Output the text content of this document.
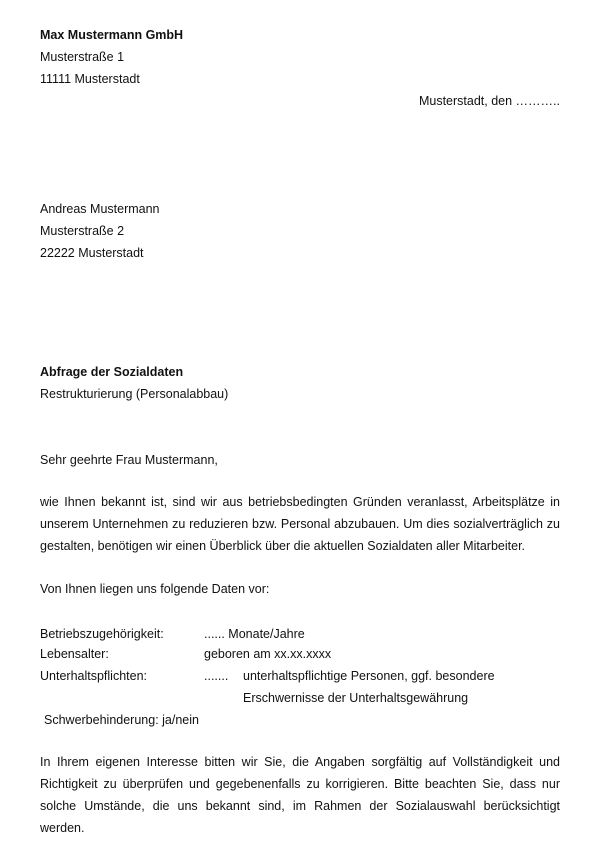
Max Mustermann GmbH
Musterstraße 1
11111 Musterstadt
Musterstadt, den ………..
Andreas Mustermann
Musterstraße 2
22222 Musterstadt
Abfrage der Sozialdaten
Restrukturierung (Personalabbau)
Sehr geehrte Frau Mustermann,
wie Ihnen bekannt ist, sind wir aus betriebsbedingten Gründen veranlasst, Arbeitsplätze in unserem Unternehmen zu reduzieren bzw. Personal abzubauen. Um dies sozialverträglich zu gestalten, benötigen wir einen Überblick über die aktuellen Sozialdaten aller Mitarbeiter.
Von Ihnen liegen uns folgende Daten vor:
Betriebszugehörigkeit:	...... Monate/Jahre
Lebensalter:	geboren am xx.xx.xxxx
Unterhaltspflichten:	....... unterhaltspflichtige Personen, ggf. besondere
Erschwernisse der Unterhaltsgewährung
Schwerbehinderung: ja/nein
In Ihrem eigenen Interesse bitten wir Sie, die Angaben sorgfältig auf Vollständigkeit und Richtigkeit zu überprüfen und gegebenenfalls zu korrigieren. Bitte beachten Sie, dass nur solche Umstände, die uns bekannt sind, im Rahmen der Sozialauswahl berücksichtigt werden.
